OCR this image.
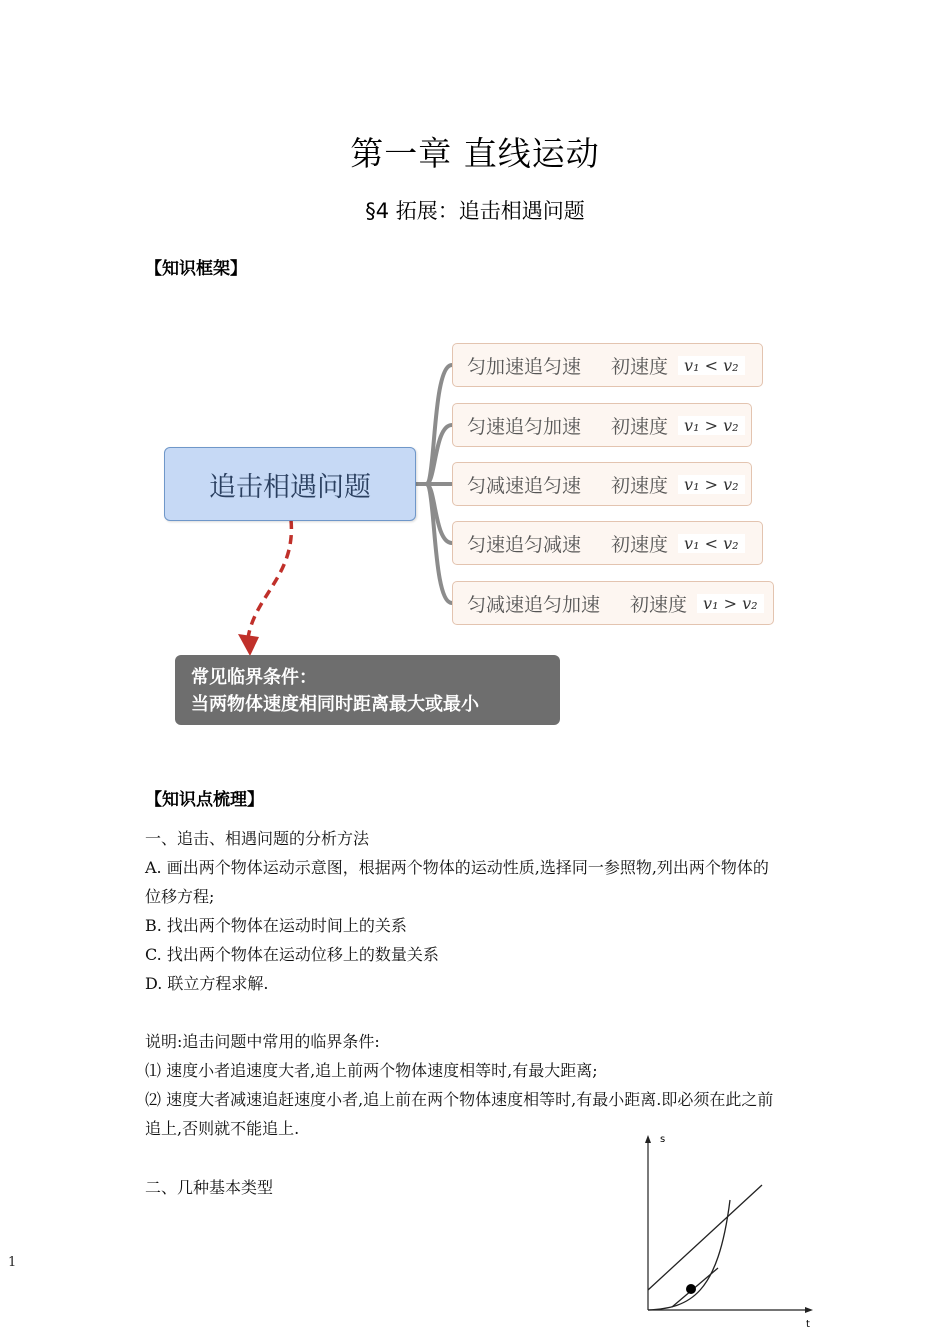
第一章 直线运动
§4 拓展：追击相遇问题
【知识框架】
追击相遇问题
匀加速追匀速 初速度	v₁ < v₂
匀速追匀加速 初速度	v₁ > v₂
匀减速追匀速 初速度	v₁ > v₂
匀速追匀减速 初速度	v₁ < v₂
匀减速追匀加速 初速度	v₁ > v₂
常见临界条件：
当两物体速度相同时距离最大或最小
【知识点梳理】
一、追击、相遇问题的分析方法
A. 画出两个物体运动示意图，根据两个物体的运动性质,选择同一参照物,列出两个物体的
位移方程;
B. 找出两个物体在运动时间上的关系
C. 找出两个物体在运动位移上的数量关系
D. 联立方程求解.
说明:追击问题中常用的临界条件:
⑴ 速度小者追速度大者,追上前两个物体速度相等时,有最大距离;
⑵ 速度大者减速追赶速度小者,追上前在两个物体速度相等时,有最小距离.即必须在此之前
追上,否则就不能追上.
二、几种基本类型
s
t
1
